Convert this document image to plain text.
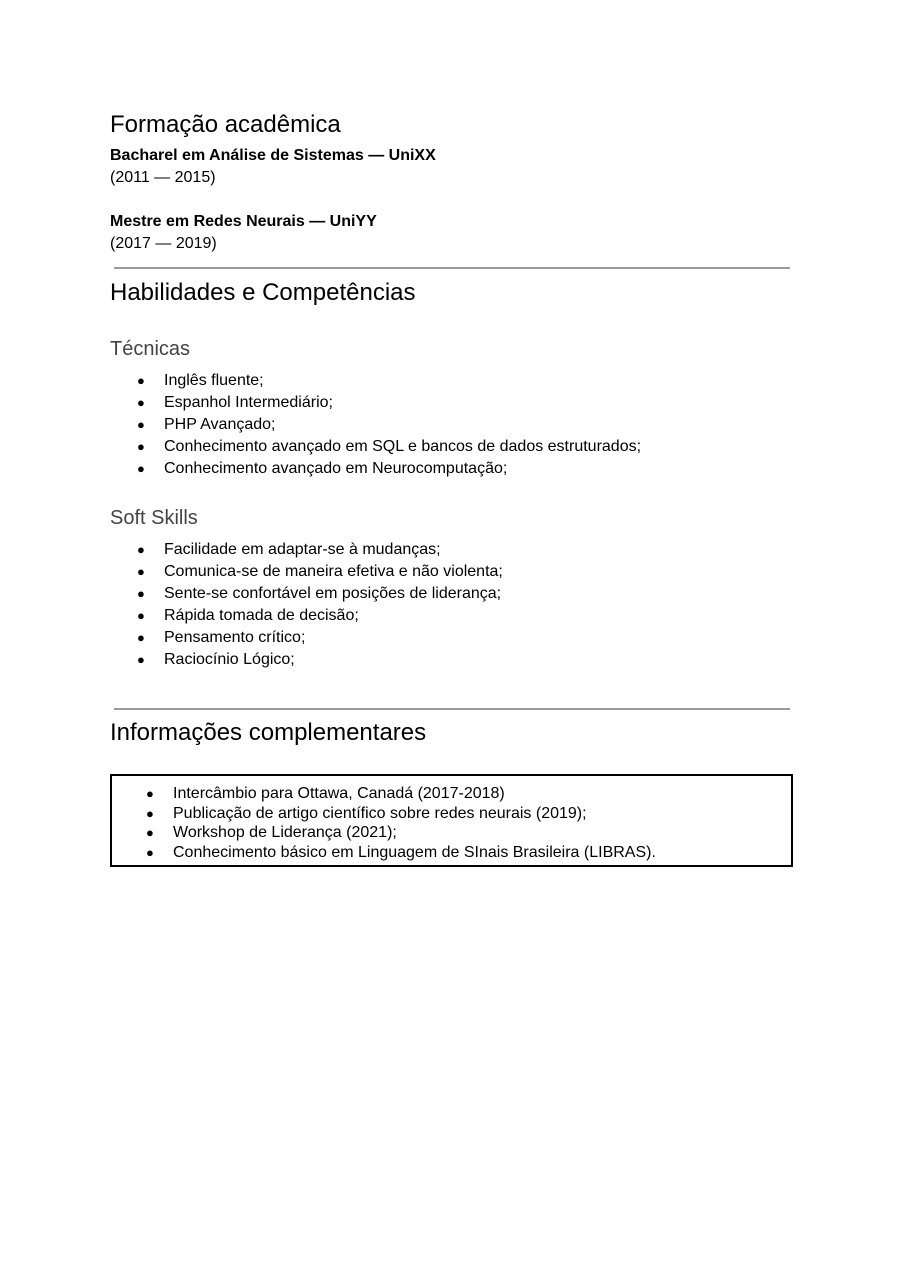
Formação acadêmica
Bacharel em Análise de Sistemas — UniXX
(2011 — 2015)
Mestre em Redes Neurais — UniYY
(2017 — 2019)
Habilidades e Competências
Técnicas
● Inglês fluente;
● Espanhol Intermediário;
● PHP Avançado;
● Conhecimento avançado em SQL e bancos de dados estruturados;
● Conhecimento avançado em Neurocomputação;
Soft Skills
● Facilidade em adaptar-se à mudanças;
● Comunica-se de maneira efetiva e não violenta;
● Sente-se confortável em posições de liderança;
● Rápida tomada de decisão;
● Pensamento crítico;
● Raciocínio Lógico;
Informações complementares
● Intercâmbio para Ottawa, Canadá (2017-2018)
● Publicação de artigo científico sobre redes neurais (2019);
● Workshop de Liderança (2021);
● Conhecimento básico em Linguagem de SInais Brasileira (LIBRAS).
